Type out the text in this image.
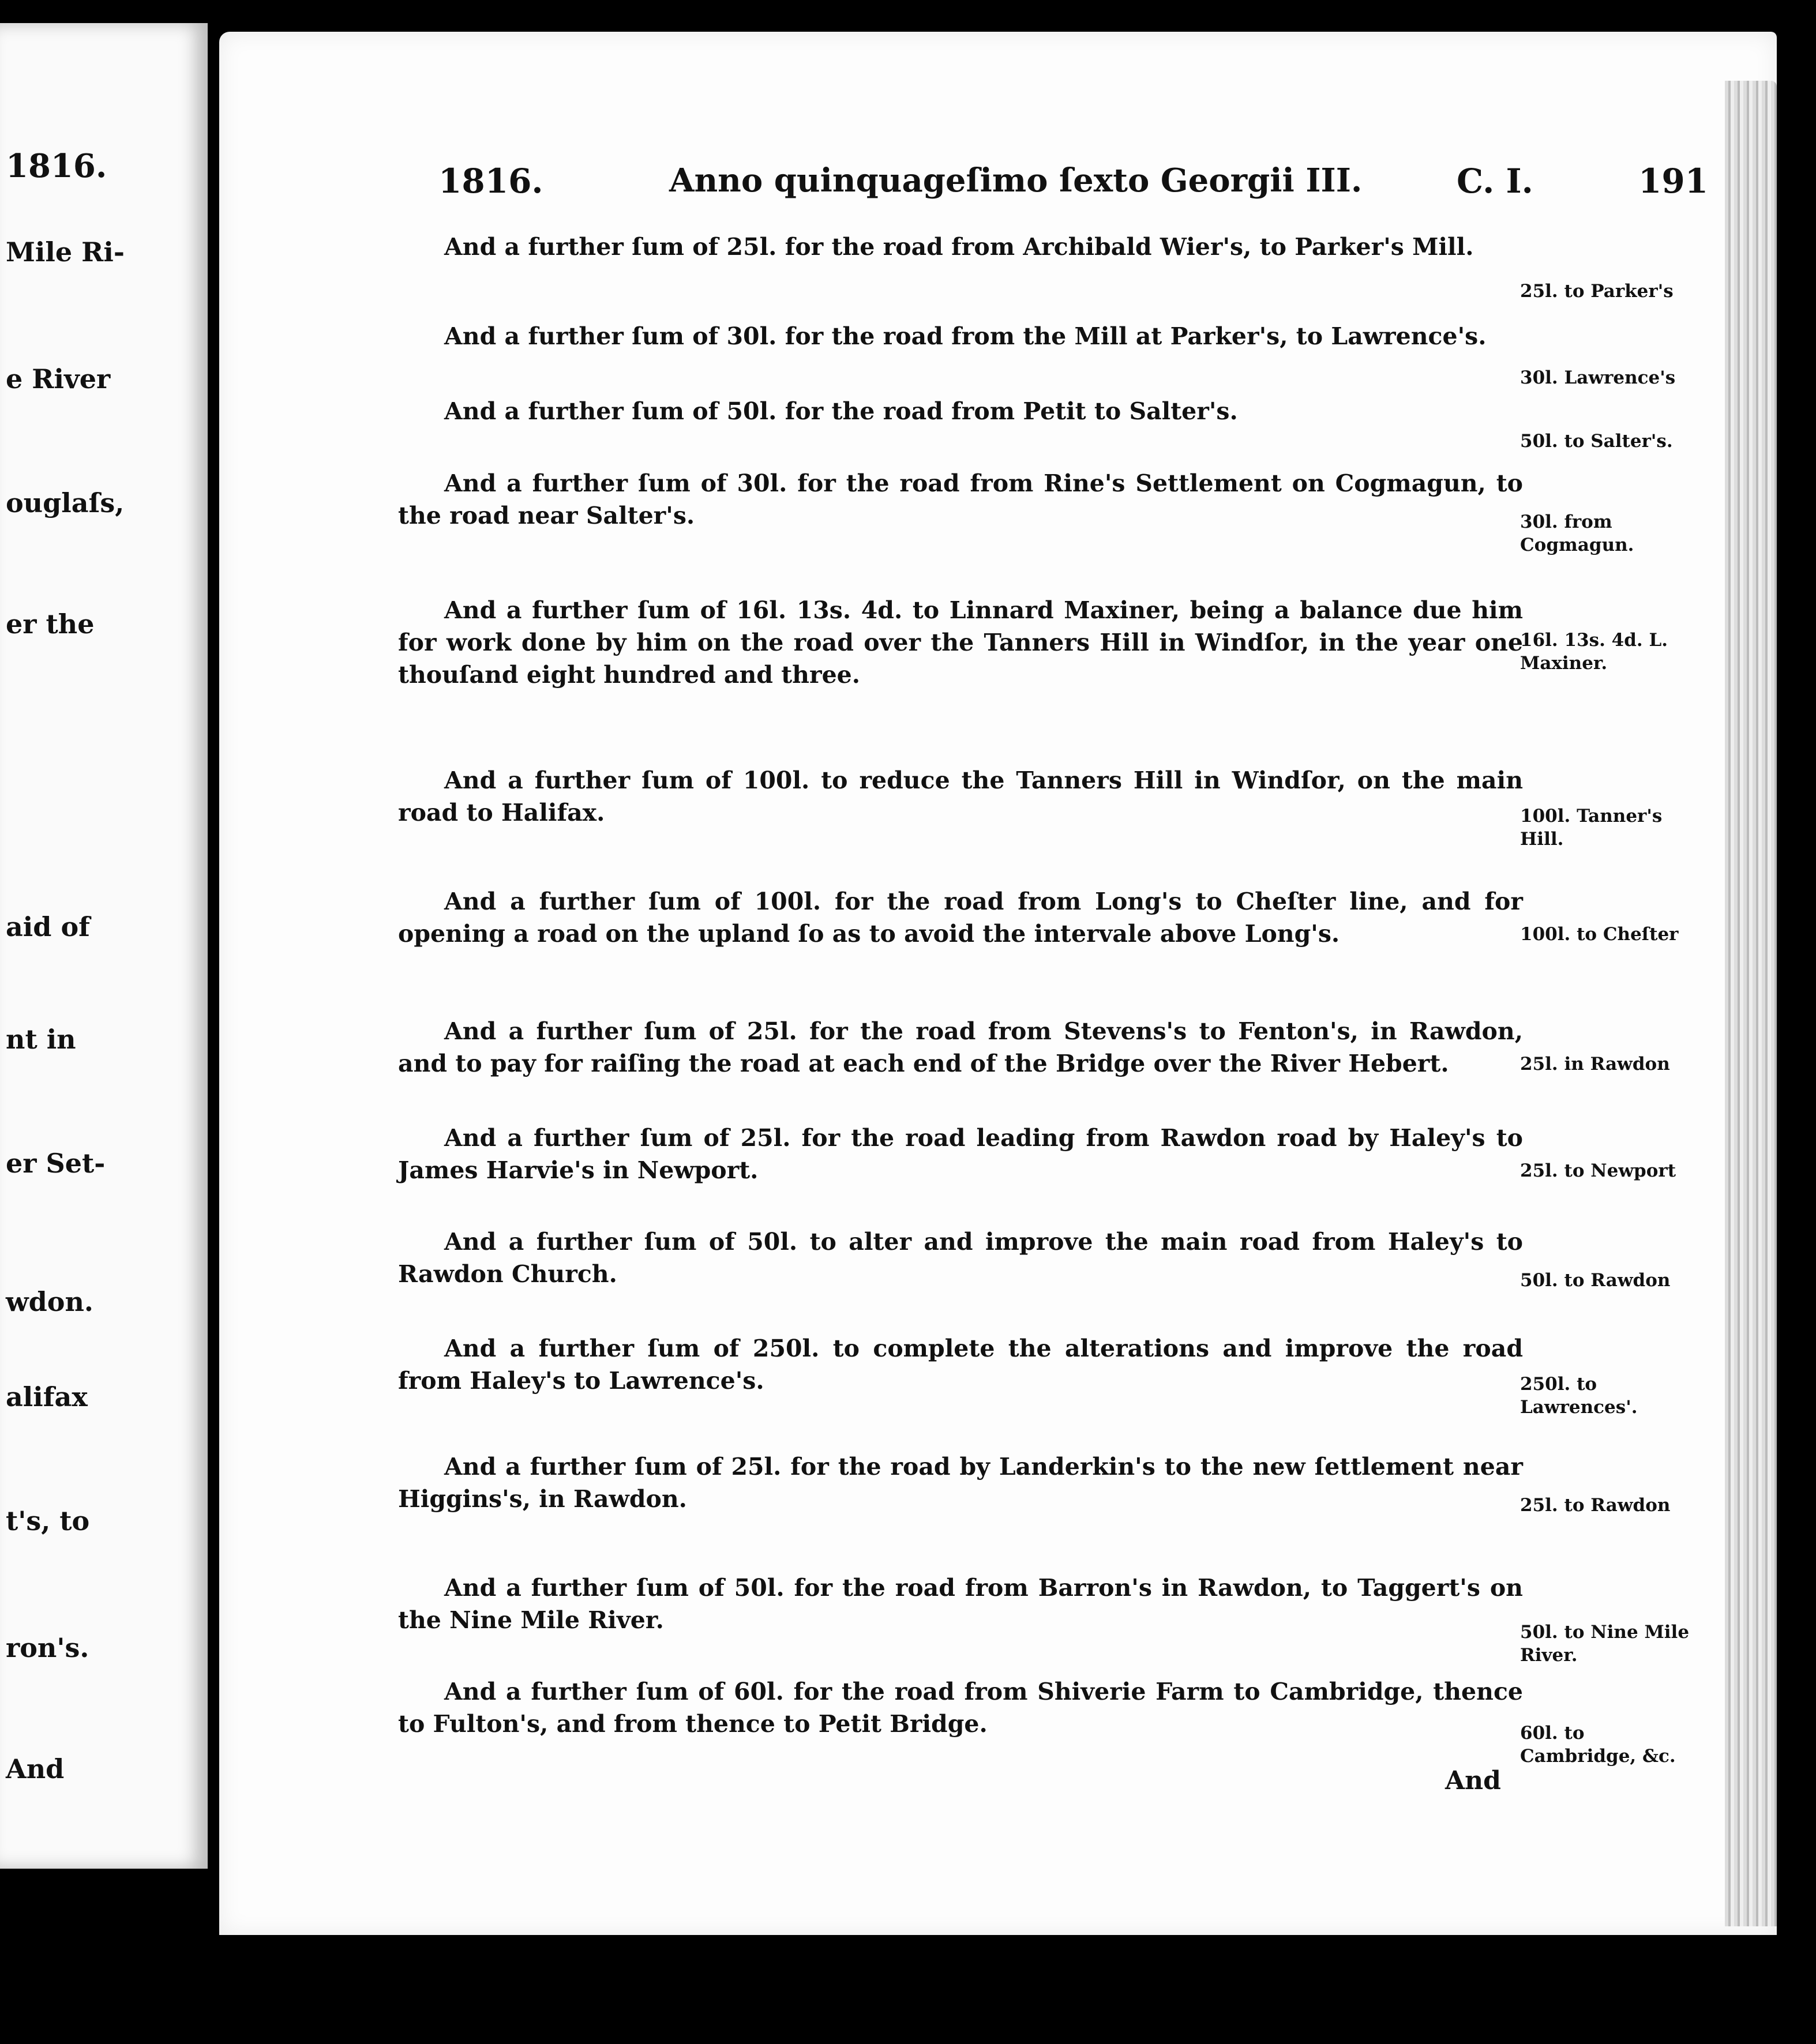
1816.
Mile Ri-
e River
ouglaſs,
er the
aid of
nt in
er Set-
wdon.
alifax
t's, to
ron's.
And
1816.	Anno quinquageſimo ſexto Georgii III.	C. I.	191
And a further ſum of 25l. for the road from Archibald Wier's, to Parker's Mill.
25l. to Parker's
And a further ſum of 30l. for the road from the Mill at Parker's, to Lawrence's.
30l. Lawrence's
And a further ſum of 50l. for the road from Petit to Salter's.
50l. to Salter's.
And a further ſum of 30l. for the road from Rine's Settlement on Cogmagun, to the road near Salter's.	30l. from Cogmagun.
And a further ſum of 16l. 13s. 4d. to Linnard Maxiner, being a balance due him for work done by him on the road over the Tanners Hill in Windſor, in the year one thouſand eight hundred and three.
16l. 13s. 4d. L. Maxiner.
And a further ſum of 100l. to reduce the Tanners Hill in Windſor, on the main road to Halifax.	100l. Tanner's Hill.
And a further ſum of 100l. for the road from Long's to Cheſter line, and for opening a road on the upland ſo as to avoid the intervale above Long's.	100l. to Cheſter
And a further ſum of 25l. for the road from Stevens's to Fenton's, in Rawdon, and to pay for raiſing the road at each end of the Bridge over the River Hebert.	25l. in Rawdon
And a further ſum of 25l. for the road leading from Rawdon road by Haley's to James Harvie's in Newport.	25l. to Newport
And a further ſum of 50l. to alter and improve the main road from Haley's to Rawdon Church.	50l. to Rawdon
And a further ſum of 250l. to complete the alterations and improve the road from Haley's to Lawrence's.	250l. to Lawrences'.
And a further ſum of 25l. for the road by Landerkin's to the new ſettlement near Higgins's, in Rawdon.	25l. to Rawdon
And a further ſum of 50l. for the road from Barron's in Rawdon, to Taggert's on the Nine Mile River.	50l. to Nine Mile River.
And a further ſum of 60l. for the road from Shiverie Farm to Cambridge, thence to Fulton's, and from thence to Petit Bridge.	60l. to Cambridge, &c.
And
